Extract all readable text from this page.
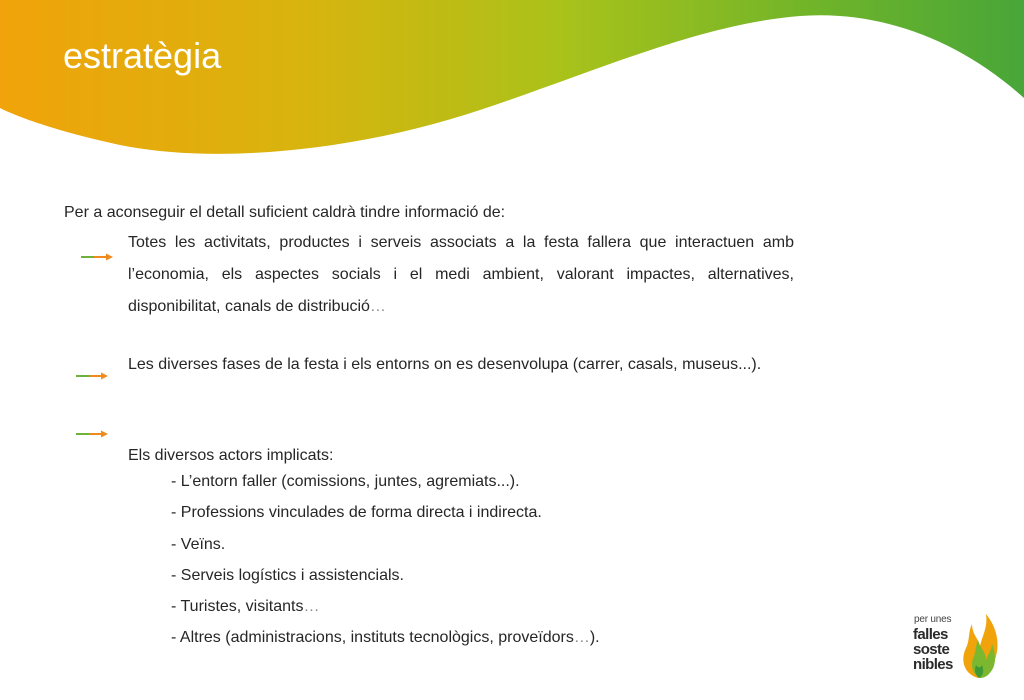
estratègia
Per a aconseguir el detall suficient caldrà tindre informació de:

Totes les activitats, productes i serveis associats a la festa fallera que interactuen amb l’economia, els aspectes socials i el medi ambient, valorant impactes, alternatives, disponibilitat, canals de distribució…

Les diverses fases de la festa i els entorns on es desenvolupa (carrer, casals, museus...).

Els diversos actors implicats:

- L’entorn faller (comissions, juntes, agremiats...).
- Professions vinculades de forma directa i indirecta.
- Veïns.
- Serveis logístics i assistencials.
- Turistes, visitants…
- Altres (administracions, instituts tecnològics, proveïdors…).
per unes
falles
soste
nibles
